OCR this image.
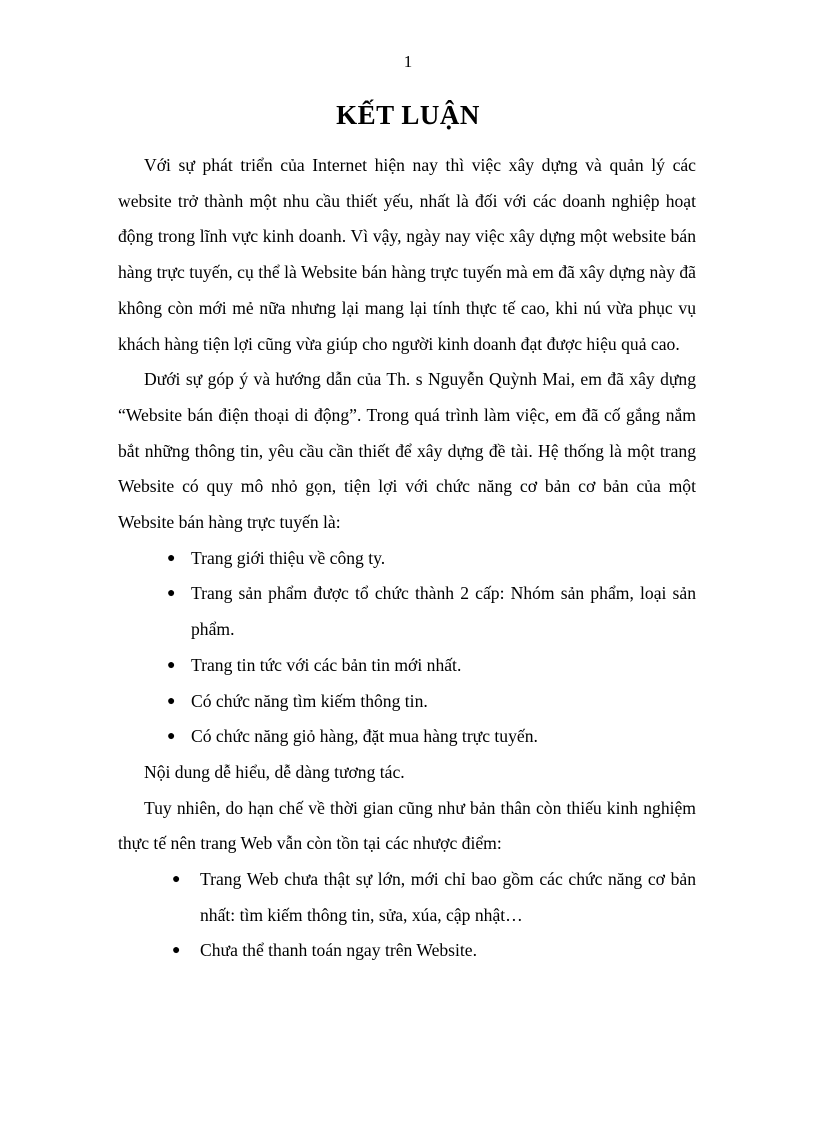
1
KẾT LUẬN

Với sự phát triển của Internet hiện nay thì việc xây dựng và quản lý các website trở thành một nhu cầu thiết yếu, nhất là đối với các doanh nghiệp hoạt động trong lĩnh vực kinh doanh. Vì vậy, ngày nay việc xây dựng một website bán hàng trực tuyến, cụ thể là Website bán hàng trực tuyến mà em đã xây dựng này đã không còn mới mẻ nữa nhưng lại mang lại tính thực tế cao, khi nú vừa phục vụ khách hàng tiện lợi cũng vừa giúp cho người kinh doanh đạt được hiệu quả cao.

Dưới sự góp ý và hướng dẫn của Th. s Nguyễn Quỳnh Mai, em đã xây dựng “Website bán điện thoại di động”. Trong quá trình làm việc, em đã cố gắng nắm bắt những thông tin, yêu cầu cần thiết để xây dựng đề tài. Hệ thống là một trang Website có quy mô nhỏ gọn, tiện lợi với chức năng cơ bản cơ bản của một Website bán hàng trực tuyến là:

● Trang giới thiệu về công ty.
● Trang sản phẩm được tổ chức thành 2 cấp: Nhóm sản phẩm, loại sản phẩm.
● Trang tin tức với các bản tin mới nhất.
● Có chức năng tìm kiếm thông tin.
● Có chức năng giỏ hàng, đặt mua hàng trực tuyến.

Nội dung dễ hiểu, dễ dàng tương tác.

Tuy nhiên, do hạn chế về thời gian cũng như bản thân còn thiếu kinh nghiệm thực tế nên trang Web vẫn còn tồn tại các nhược điểm:

● Trang Web chưa thật sự lớn, mới chỉ bao gồm các chức năng cơ bản nhất: tìm kiếm thông tin, sửa, xúa, cập nhật…
● Chưa thể thanh toán ngay trên Website.
